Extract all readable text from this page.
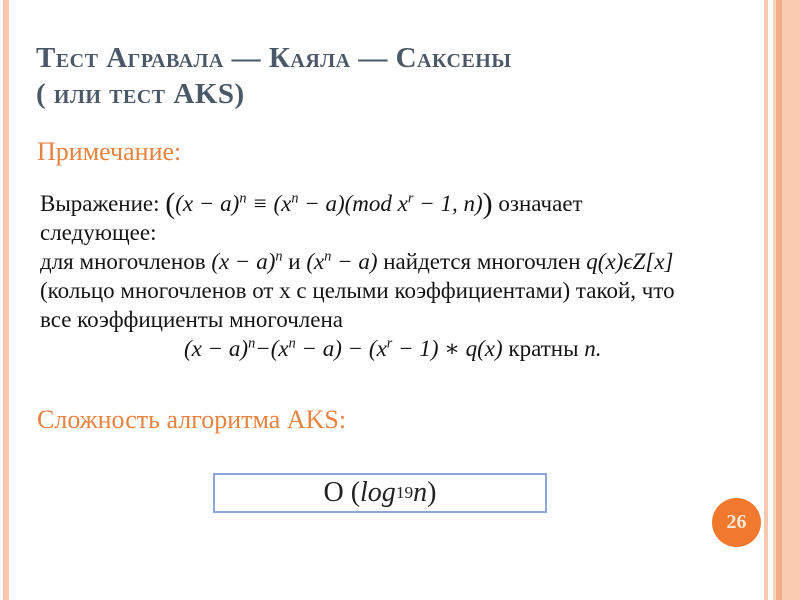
Тест Агравала — Каяла — Саксены
( или тест AKS)
Примечание:
Выражение: ($(x - a)^n \equiv (x^n - a)(mod$ $x^r - 1$, n)) означает
следующее:
для многочленов $(x - a)^n$ и $(x^n - a)$ найдется многочлен q(x)ϵZ[x]
(кольцо многочленов от x с целыми коэффициентами) такой, что
все коэффициенты многочлена
$(x - a)^n-(x^n - a) - (x^r - 1)$ ∗ q(x) кратны n.
Сложность алгоритма AKS:
O ( log 19 n )
26
